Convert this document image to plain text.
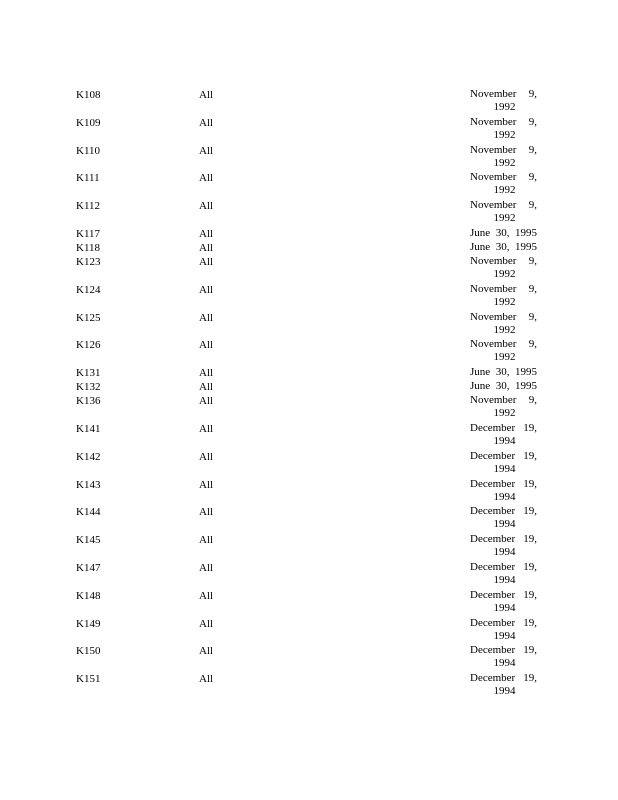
K108	All	November 9,
1992
K109	All	November 9,
1992
K110	All	November 9,
1992
K111	All	November 9,
1992
K112	All	November 9,
1992
K117	All	June 30, 1995
K118	All	June 30, 1995
K123	All	November 9,
1992
K124	All	November 9,
1992
K125	All	November 9,
1992
K126	All	November 9,
1992
K131	All	June 30, 1995
K132	All	June 30, 1995
K136	All	November 9,
1992
K141	All	December 19,
1994
K142	All	December 19,
1994
K143	All	December 19,
1994
K144	All	December 19,
1994
K145	All	December 19,
1994
K147	All	December 19,
1994
K148	All	December 19,
1994
K149	All	December 19,
1994
K150	All	December 19,
1994
K151	All	December 19,
1994
